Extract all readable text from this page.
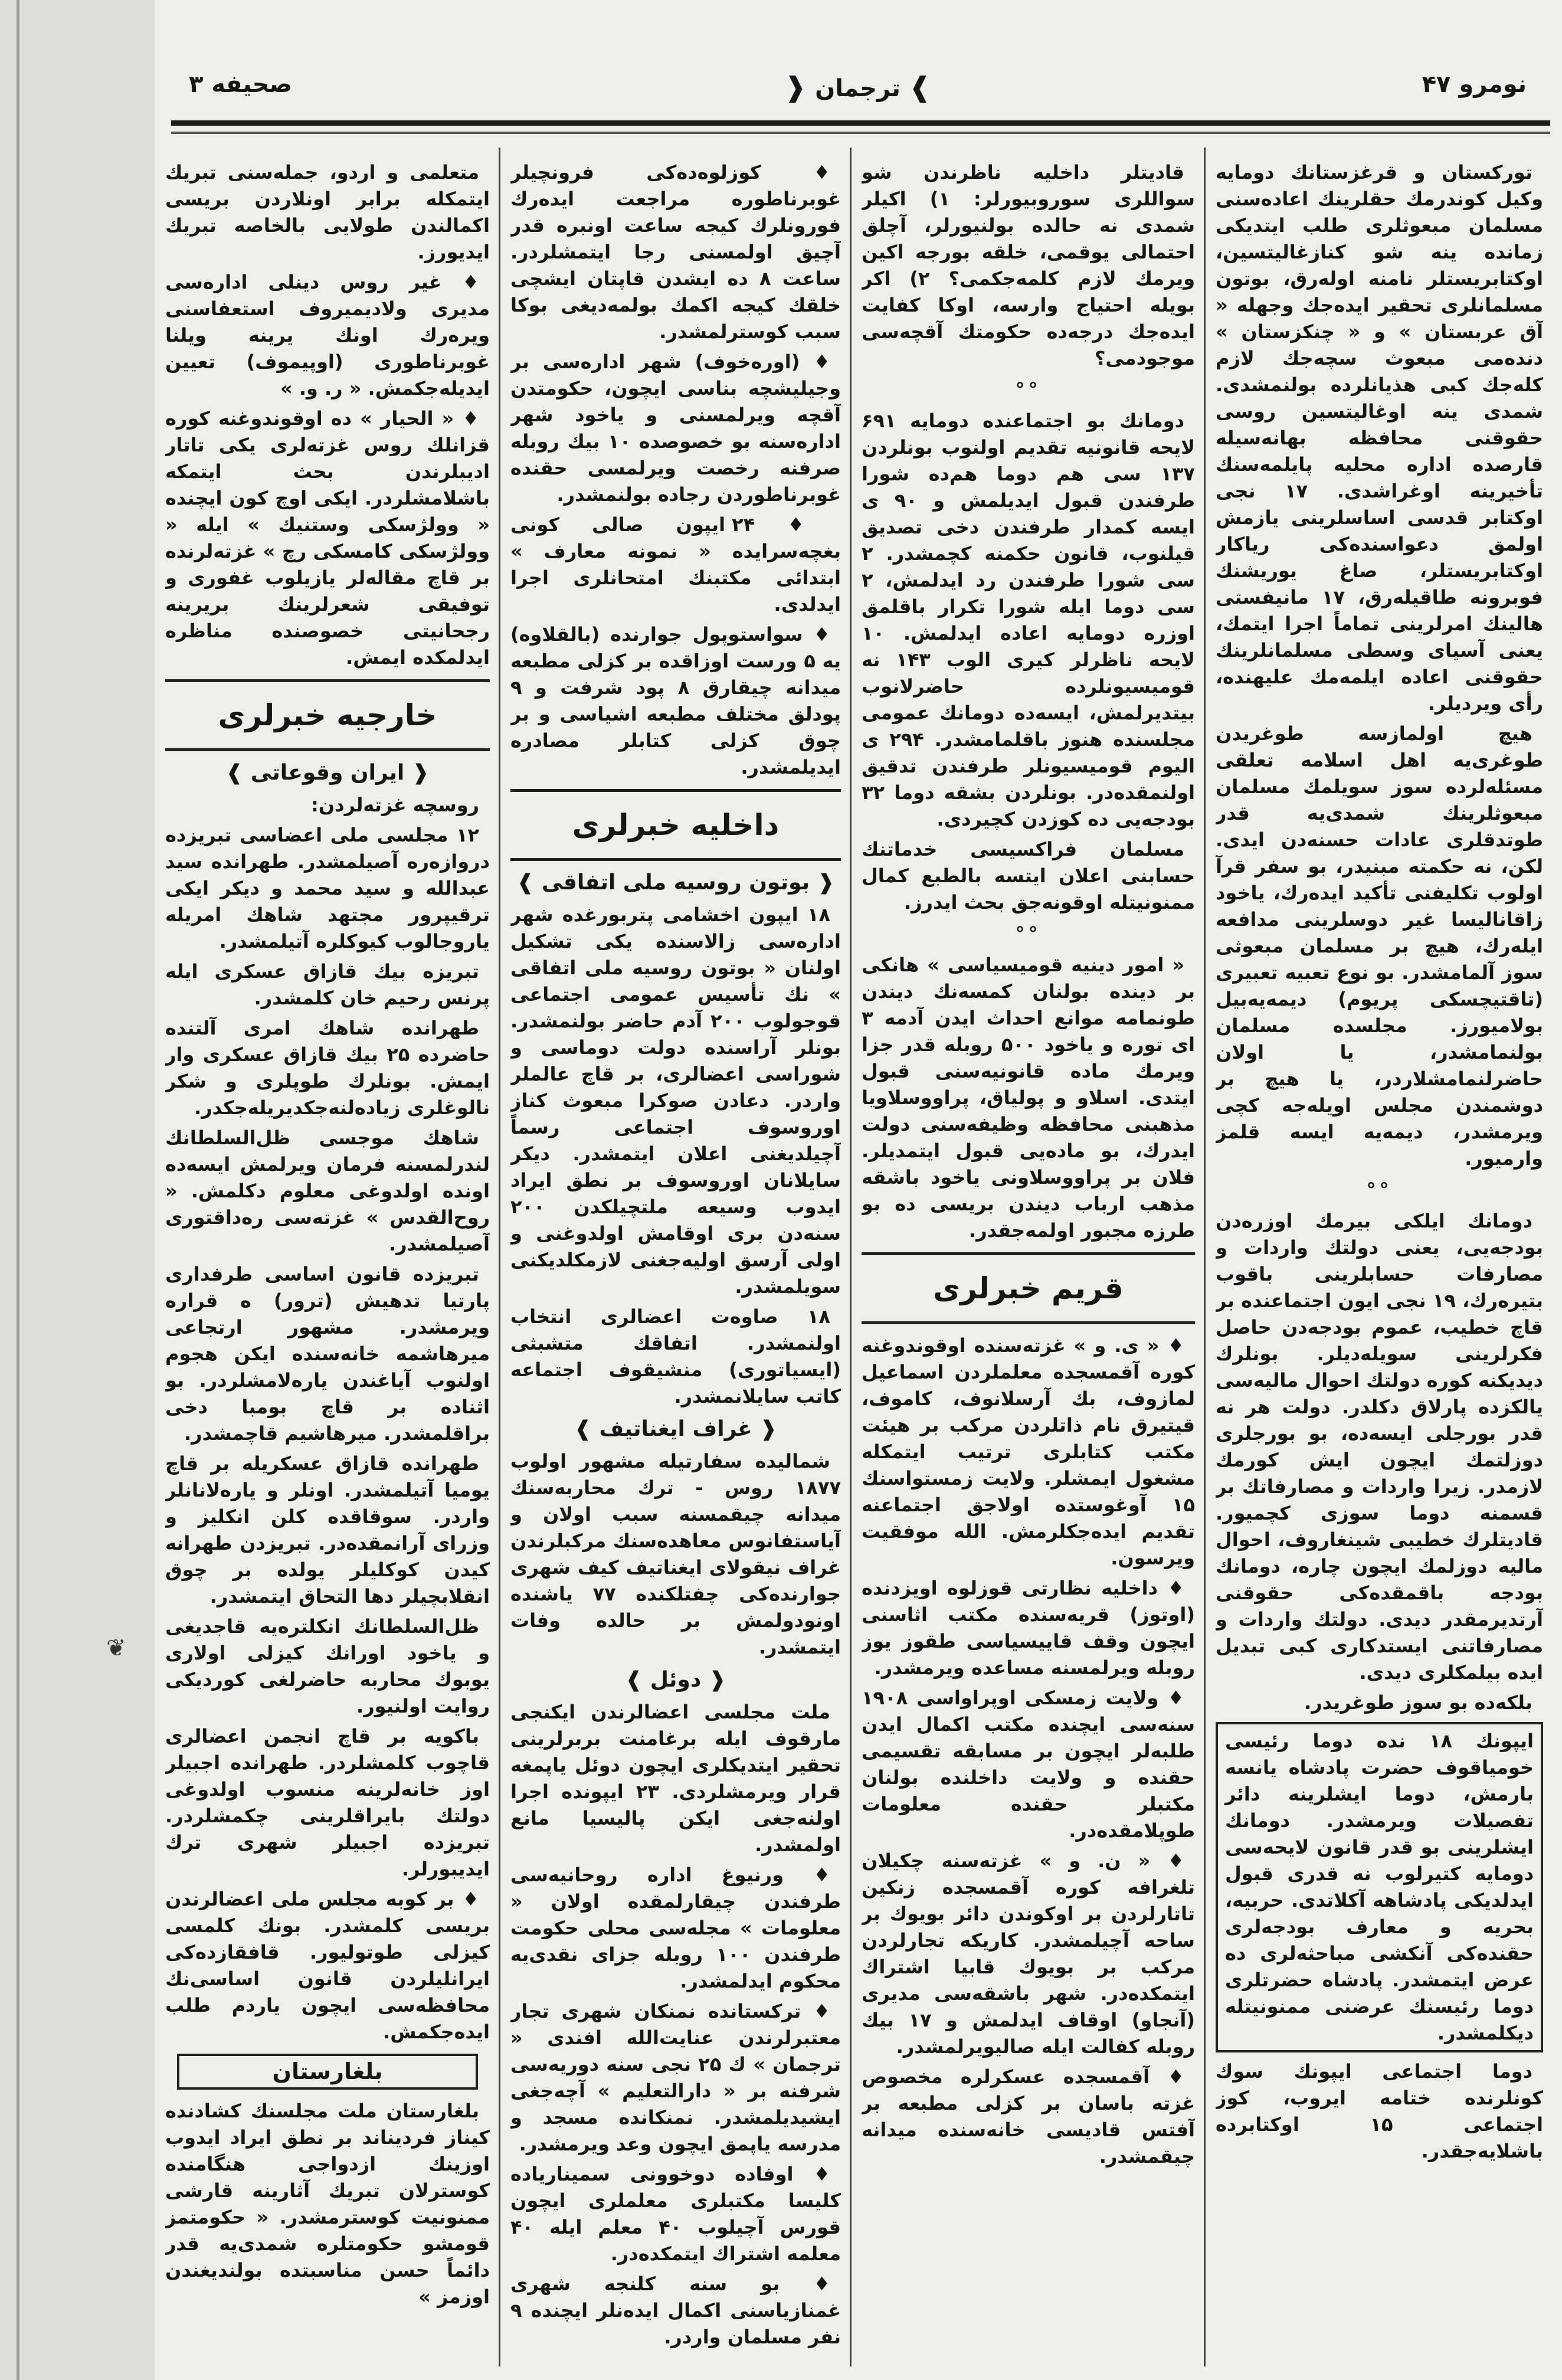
❦
نومرو ۴۷
❱ ترجمان ❰
صحیفه ۳

تورکستان و قرغزستانك دومایه وکیل کوندرمك حقلرینك اعادەسنی مسلمان مبعوثلری طلب ایتدیکی زمانده ینه شو کنازغالیتسین، اوکتابریستلر نامنه اوله‌رق، بوتون مسلمانلری تحقیر ایده‌جك وجهله « آق عربستان » و « چنکزستان » دنده‌می مبعوث سچه‌جك لازم کله‌جك کبی هذیانلرده بولنمشدی. شمدی ینه اوغالیتسین روسی حقوقنی محافظه بهانه‌سیله قارصده اداره محلیه پایلمه‌سنك تأخیرینه اوغراشدی. ۱۷ نجی اوکتابر قدسی اساسلرینی یازمش اولمق دعواسنده‌کی ریاکار اوکتابریستلر، صاغ یوریشنك فوبرونه طاقیله‌رق، ۱۷ مانیفستی هالینك امرلرینی تماماً اجرا ایتمك، یعنی آسیای وسطی مسلمانلرینك حقوقنی اعاده ایلمه‌مك علیهنده، رأی ویردیلر.

هیچ اولمازسه طوغریدن طوغری‌یه اهل اسلامه تعلقی مسئله‌لرده سوز سویلمك مسلمان مبعوثلرینك شمدی‌یه قدر طوتدقلری عادات حسنه‌دن ایدی. لکن، نه حکمته مبنیدر، بو سفر قرآ اولوب تکلیفنی تأکید ایده‌رك، یاخود زاقانالیسا غیر دوسلرینی مدافعه ایله‌رك، هیچ بر مسلمان مبعوثی سوز آلمامشدر. بو نوع تعبیه تعبیری (تاقتیچسکی پریوم) دیمه‌یه‌بیل بولامیورز. مجلسده مسلمان بولنمامشدر، یا اولان حاضرلنمامشلاردر، یا هیچ بر دوشمندن مجلس اویله‌جه کچی ویرمشدر، دیمه‌یه ایسه قلمز وارمیور.

°°

دومانك ایلکی بیرمك اوزره‌دن بودجه‌یی، یعنی دولتك واردات و مصارفات حسابلرینی باقوب بتیره‌رك، ۱۹ نجی ایون اجتماعنده بر قاچ خطیب، عموم بودجه‌دن حاصل فکرلرینی سویله‌دیلر. بونلرك دیدیکنه کوره دولتك احوال مالیه‌سی یالکزده پارلاق دکلدر. دولت هر نه قدر بورجلی ایسه‌ده، بو بورجلری دوزلتمك ایچون ایش کورمك لازمدر. زیرا واردات و مصارفاتك بر قسمنه دوما سوزی کچمیور. قادیتلرك خطیبی شینغاروف، احوال مالیه دوزلمك ایچون چاره، دومانك بودجه باقمقده‌کی حقوقنی آرتدیرمقدر دیدی. دولتك واردات و مصارفاتنی ایستدکاری کبی تبدیل ایده بیلمکلری دیدی.

بلکه‌ده بو سوز طوغریدر.

ایپونك ۱۸ نده دوما رئیسی خومیاقوف حضرت پادشاه یانسه بارمش، دوما ایشلرینه دائر تفصیلات ویرمشدر. دومانك ایشلرینی بو قدر قانون لایحه‌سی دومایه کتیرلوب نه قدری قبول ایدلدیکی پادشاهه آکلاتدی. حربیه، بحریه و معارف بودجه‌لری حقنده‌کی آنکشی مباحثه‌لری ده عرض ایتمشدر. پادشاه حضرتلری دوما رئیسنك عرضنی ممنونیتله دیکلمشدر.

دوما اجتماعی ایپونك سوك کونلرنده ختامه ایروب، کوز اجتماعی ۱۵ اوکتابرده باشلایه‌جقدر.

قادیتلر داخلیه ناظرندن شو سواللری سوروبیورلر: ۱) اکیلر شمدی نه حالده بولنیورلر، آچلق احتمالی یوقمی، خلقه بورجه اکین ویرمك لازم کلمه‌جکمی؟ ۲) اکر بویله احتیاج وارسه، اوکا کفایت ایده‌جك درجه‌ده حکومتك آقچه‌سی موجودمی؟

°°

دومانك بو اجتماعنده دومایه ۶۹۱ لایحه قانونیه تقدیم اولنوب بونلردن ۱۳۷ سی هم دوما هم‌ده شورا طرفندن قبول ایدیلمش و ۹۰ ی ایسه کمدار طرفندن دخی تصدیق قیلنوب، قانون حکمنه کچمشدر. ۲ سی شورا طرفندن رد ایدلمش، ۲ سی دوما ایله شورا تکرار باقلمق اوزره دومایه اعاده ایدلمش. ۱۰ لایحه ناظرلر کیری الوب ۱۴۳ نه قومیسیونلرده حاضرلانوب بیتدیرلمش، ایسه‌ده دومانك عمومی مجلسنده هنوز باقلمامشدر. ۲۹۴ ی الیوم قومیسیونلر طرفندن تدقیق اولنمقده‌در. بونلردن بشقه دوما ۳۲ بودجه‌یی ده کوزدن کچیردی.

مسلمان فراکسیسی خدماتنك حسابنی اعلان ایتسه بالطبع کمال ممنونیتله اوقونه‌جق بحث ایدرز.

°°

« امور دینیه قومیسیاسی » هانکی بر دینده بولنان کمسه‌نك دیندن طونمامه موانع احداث ایدن آدمه ۳ ای توره و یاخود ۵۰۰ روبله قدر جزا ویرمك ماده قانونیه‌سنی قبول ایتدی. اسلاو و پولیاق، پراووسلاویا مذهبنی محافظه وظیفه‌سنی دولت ایدرك، بو ماده‌یی قبول ایتمدیلر. فلان بر پراووسلاونی یاخود باشقه مذهب ارباب دیندن بریسی ده بو طرزه مجبور اولمه‌جقدر.

قریم خبرلری

♦ « ی. و » غزته‌سنده اوقوندوغنه کوره آقمسجده معلملردن اسماعیل لمازوف، بك آرسلانوف، کاموف، قیتیرق نام ذاتلردن مرکب بر هیئت مکتب کتابلری ترتیب ایتمکله مشغول ایمشلر. ولایت زمستواسنك ۱۵ آوغوستده اولاجق اجتماعنه تقدیم ایده‌جکلرمش. الله موفقیت ویرسون.

♦ داخلیه نظارتی قوزلوه اویزدنده (اوتوز) قریه‌سنده مکتب اثاسنی ایچون وقف قاییسیاسی طقوز یوز روبله ویرلمسنه مساعده ویرمشدر.

♦ ولایت زمسکی اوپراواسی ۱۹۰۸ سنه‌سی ایچنده مکتب اکمال ایدن طلبه‌لر ایچون بر مسابقه تقسیمی حقنده و ولایت داخلنده بولنان مکتبلر حقنده معلومات طوپلامقده‌در.

♦ « ن. و » غزته‌سنه چکیلان تلغرافه کوره آقمسجده زنکین تاتارلردن بر اوکوندن دائر بویوك بر ساحه آچیلمشدر. کاریکه تجارلردن مرکب بر بویوك قابیا اشتراك ایتمکده‌در. شهر باشقه‌سی مدیری (آنجاو) اوقاف ایدلمش و ۱۷ بیك روبله کفالت ایله صالیویرلمشدر.

♦ آقمسجده عسکرلره مخصوص غزته باسان بر کزلی مطبعه بر آفتس قادیسی خانه‌سنده میدانه چیقمشدر.

♦ کوزلوه‌ده‌کی فرونچیلر غوبرناطوره مراجعت ایده‌رك فورونلرك کیجه ساعت اونبره قدر آچیق اولمسنی رجا ایتمشلردر. ساعت ۸ ده ایشدن قاپتان ایشچی خلقك کیجه اکمك بولمه‌دیغی بوکا سبب کوسترلمشدر.

♦ (اوره‌خوف) شهر اداره‌سی بر وجیلیشچه بناسی ایچون، حکومتدن آقچه ویرلمسنی و یاخود شهر اداره‌سنه بو خصوصده ۱۰ بیك روبله صرفنه رخصت ویرلمسی حقنده غوبرناطوردن رجاده بولنمشدر.

♦ ۲۴ ایپون صالی کونی بغچه‌سرایده « نمونه معارف » ابتدائی مکتبنك امتحانلری اجرا ایدلدی.

♦ سواستوپول جوارنده (بالقلاوه) یه ۵ ورست اوزاقده بر کزلی مطبعه میدانه چیقارق ۸ پود شرفت و ۹ پودلق مختلف مطبعه اشیاسی و بر چوق کزلی کتابلر مصادره ایدیلمشدر.

داخلیه خبرلری
❰ بوتون روسیه ملی اتفاقی ❱

۱۸ ایپون اخشامی پتربورغده شهر اداره‌سی زالاسنده یکی تشکیل اولنان « بوتون روسیه ملی اتفاقی » نك تأسیس عمومی اجتماعی قوجولوب ۲۰۰ آدم حاضر بولنمشدر. بونلر آراسنده دولت دوماسی و شوراسی اعضالری، بر قاچ عالملر واردر. دعادن صوکرا مبعوث کناز اوروسوف اجتماعی رسماً آچیلدیغنی اعلان ایتمشدر. دیکر سایلانان اوروسوف بر نطق ایراد ایدوب وسیعه ملتچیلکدن ۲۰۰ سنه‌دن بری اوقامش اولدوغنی و اولی آرسق اولیه‌جغنی لازمکلدیکنی سویلمشدر.

۱۸ صاوەت اعضالری انتخاب اولنمشدر. اتفاقك متشبثی (ایسیاتوری) منشیقوف اجتماعه کاتب سایلانمشدر.

❰ غراف ایغناتیف ❱

شمالیده سفارتیله مشهور اولوب ۱۸۷۷ روس - ترك محاربه‌سنك میدانه چیقمسنه سبب اولان و آیاستفانوس معاهده‌سنك مرکبلرندن غراف نیقولای ایغناتیف کیف شهری جوارنده‌کی چفتلکنده ۷۷ یاشنده اونودولمش بر حالده وفات ایتمشدر.

❰ دوئل ❱

ملت مجلسی اعضالرندن ایکنجی مارقوف ایله برغامنت بربرلرینی تحقیر ایتدیکلری ایچون دوئل یاپمغه قرار ویرمشلردی. ۲۳ ایپونده اجرا اولنه‌جغی ایکن پالیسیا مانع اولمشدر.

♦ ورنیوغ اداره روحانیه‌سی طرفندن چیقارلمقده اولان « معلومات » مجله‌سی محلی حکومت طرفندن ۱۰۰ روبله جزای نقدی‌یه محکوم ایدلمشدر.

♦ ترکستانده نمنکان شهری تجار معتبرلرندن عنایت‌الله افندی « ترجمان » ك ۲۵ نجی سنه دوریه‌سی شرفنه بر « دارالتعلیم » آچه‌جغی ایشیدیلمشدر. نمنکانده مسجد و مدرسه یاپمق ایچون وعد ویرمشدر.

♦ اوفاده دوخوونی سمیناریاده کلیسا مکتبلری معلملری ایچون قورس آچیلوب ۴۰ معلم ایله ۴۰ معلمه اشتراك ایتمکده‌در.

♦ بو سنه کلنجه شهری غمنازیاسنی اکمال ایده‌نلر ایچنده ۹ نفر مسلمان واردر.

متعلمی و اردو، جمله‌سنی تبریك ایتمکله برابر اونلاردن بریسی اکمالندن طولایی بالخاصه تبریك ایدیورز.

♦ غیر روس دینلی اداره‌سی مدیری ولادیمیروف استعفاسنی ویره‌رك اونك یرینه ویلنا غوبرناطوری (اوپیموف) تعیین ایدیله‌جکمش. « ر. و. »

♦ « الحیار » ده اوقوندوغنه کوره قزانلك روس غزته‌لری یکی تاتار ادیبلرندن بحث ایتمکه باشلامشلردر. ایکی اوچ کون ایچنده « وولژسکی وستنیك » ایله « وولژسکی کامسکی رچ » غزته‌لرنده بر قاچ مقاله‌لر یازیلوب غفوری و توفیقی شعرلرینك بریرینه رجحانیتی خصوصنده مناظره ایدلمکده ایمش.

خارجیه خبرلری
❰ ایران وقوعاتی ❱

روسچه غزته‌لردن:

۱۲ مجلسی ملی اعضاسی تبریزده دروازه‌ره آصیلمشدر. طهرانده سید عبدالله و سید محمد و دیکر ایکی ترقیپرور مجتهد شاهك امریله یاروجالوب کیوکلره آتیلمشدر.

تبریزه بیك قازاق عسکری ایله پرنس رحیم خان کلمشدر.

طهرانده شاهك امری آلتنده حاضرده ۲۵ بیك قازاق عسکری وار ایمش. بونلرك طوپلری و شکر نالوغلری زیاده‌لنه‌جکدیریله‌جکدر.

شاهك موجسی ظل‌السلطانك لندرلمسنه فرمان ویرلمش ایسه‌ده اونده اولدوغی معلوم دکلمش. « روح‌القدس » غزته‌سی ره‌داقتوری آصیلمشدر.

تبریزده قانون اساسی طرفداری پارتیا تدهیش (ترور) ه قراره ویرمشدر. مشهور ارتجاعی میرهاشمه خانه‌سنده ایکن هجوم اولنوب آیاغندن یاره‌لامشلردر. بو اثناده بر قاچ بومبا دخی براقلمشدر. میرهاشیم قاچمشدر.

طهرانده قازاق عسکریله بر قاچ یومیا آتیلمشدر. اونلر و یاره‌لانانلر واردر. سوقاقده کلن انکلیز و وزرای آرانمقده‌در. تبریزدن طهرانه کیدن کوکلیلر یولده بر چوق انقلابچیلر دها التحاق ایتمشدر.

ظل‌السلطانك انکلتره‌یه قاجدیغی و یاخود اورانك کیزلی اولاری یوبوك محاربه حاضرلغی کوردیکی روایت اولنیور.

باکویه بر قاچ انجمن اعضالری قاچوب کلمشلردر. طهرانده اجبیلر اوز خانه‌لرینه منسوب اولدوغی دولتك بایراقلرینی چکمشلردر. تبریزده اجبیلر شهری ترك ایدیبورلر.

♦ بر کوبه مجلس ملی اعضالرندن بریسی کلمشدر. بونك کلمسی کیزلی طوتولیور. قافقازده‌کی ایرانلیلردن قانون اساسی‌نك محافظه‌سی ایچون یاردم طلب ایده‌جکمش.

بلغارستان

بلغارستان ملت مجلسنك کشادنده کیناز فردیناند بر نطق ایراد ایدوب اوزینك ازدواجی هنگامنده کوسترلان تبریك آثارینه قارشی ممنونیت کوسترمشدر. « حکومتمز قومشو حکومتلره شمدی‌یه قدر دائماً حسن مناسبتده بولندیغندن اوزمز »
